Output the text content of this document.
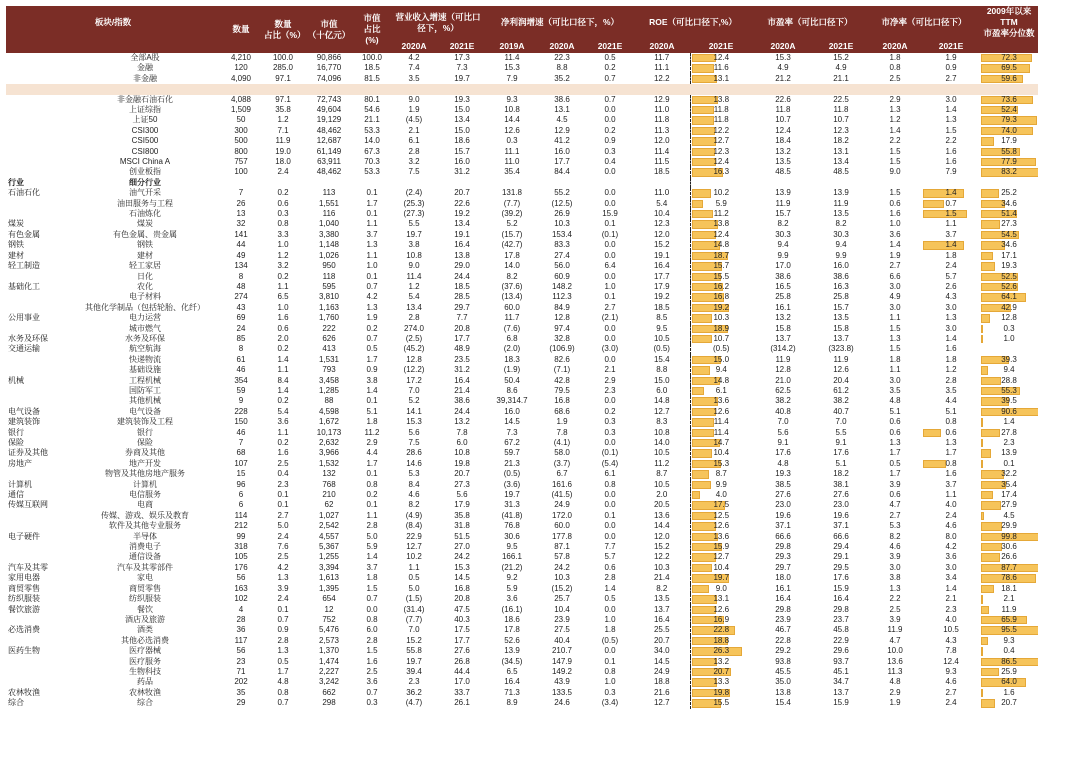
板块/指数		数量	数量
占比（%）	市值
（十亿元）	市值
占比
(%)	营业收入增速（可比口径下，%）		净利润增速（可比口径下，%）			ROE（可比口径下,%）		市盈率（可比口径下）		市净率（可比口径下）		2009年以来TTM
市盈率分位数
						2020A	2021E	2019A	2020A	2021E	2020A	2021E	2020A	2021E	2020A	2021E	
	全部A股	4,210	100.0	90,866	100.0	4.2	17.3	11.4	22.3	0.5	11.7	12.4	15.3	15.2	1.8	1.9	72.3
	金融	120	285.0	16,770	18.5	7.4	7.3	15.3	8.8	0.2	11.1	11.6	4.9	4.9	0.8	0.9	69.5
	非金融	4,090	97.1	74,096	81.5	3.5	19.7	7.9	35.2	0.7	12.2	13.1	21.2	21.1	2.5	2.7	59.6

	非金融石油石化	4,088	97.1	72,743	80.1	9.0	19.3	9.3	38.6	0.7	12.9	13.8	22.6	22.5	2.9	3.0	73.6
	上证综指	1,509	35.8	49,604	54.6	1.9	15.0	10.8	13.1	0.0	11.0	11.8	11.8	11.8	1.3	1.4	52.4
	上证50	50	1.2	19,129	21.1	(4.5)	13.4	14.4	4.5	0.0	11.8	11.8	10.7	10.7	1.2	1.3	79.3
	CSI300	300	7.1	48,462	53.3	2.1	15.0	12.6	12.9	0.2	11.3	12.2	12.4	12.3	1.4	1.5	74.0
	CSI500	500	11.9	12,687	14.0	6.1	18.6	0.3	41.2	0.9	12.0	12.7	18.4	18.2	2.2	2.2	17.9
	CSI800	800	19.0	61,149	67.3	2.8	15.7	11.1	16.0	0.3	11.4	12.3	13.2	13.1	1.5	1.6	55.8
	MSCI China A	757	18.0	63,911	70.3	3.2	16.0	11.0	17.7	0.4	11.5	12.4	13.5	13.4	1.5	1.6	77.9
	创业板指	100	2.4	48,462	53.3	7.5	31.2	35.4	84.4	0.0	18.5	16.3	48.5	48.5	9.0	7.9	83.2
行业	细分行业																
石油石化	油气开采	7	0.2	113	0.1	(2.4)	20.7	131.8	55.2	0.0	11.0	10.2	13.9	13.9	1.5	1.4	25.2
	油田服务与工程	26	0.6	1,551	1.7	(25.3)	22.6	(7.7)	(12.5)	0.0	5.4	5.9	11.9	11.9	0.6	0.7	34.6
	石油炼化	13	0.3	116	0.1	(27.3)	19.2	(39.2)	26.9	15.9	10.4	11.2	15.7	13.5	1.6	1.5	51.4
煤炭	煤炭	32	0.8	1,040	1.1	5.5	13.4	5.2	10.3	0.1	12.3	13.8	8.2	8.2	1.0	1.1	27.3
有色金属	有色金属、贵金属	141	3.3	3,380	3.7	19.7	19.1	(15.7)	153.4	(0.1)	12.0	12.4	30.3	30.3	3.6	3.7	54.5
钢铁	钢铁	44	1.0	1,148	1.3	3.8	16.4	(42.7)	83.3	0.0	15.2	14.8	9.4	9.4	1.4	1.4	34.6
建材	建材	49	1.2	1,026	1.1	10.8	13.8	17.8	27.4	0.0	19.1	18.7	9.9	9.9	1.9	1.8	17.1
轻工制造	轻工家居	134	3.2	950	1.0	9.0	29.0	14.0	56.0	6.4	16.4	15.7	17.0	16.0	2.7	2.4	19.3
	日化	8	0.2	118	0.1	11.4	24.4	8.2	60.9	0.0	17.7	15.5	38.6	38.6	6.6	5.7	52.5
基础化工	农化	48	1.1	595	0.7	1.2	18.5	(37.6)	148.2	1.0	17.9	16.2	16.5	16.3	3.0	2.6	52.6
	电子材料	274	6.5	3,810	4.2	5.4	28.5	(13.4)	112.3	0.1	19.2	16.8	25.8	25.8	4.9	4.3	64.1
	其他化学制品（包括轮胎、化纤）	43	1.0	1,163	1.3	13.4	29.7	60.0	84.9	2.7	18.5	19.2	16.1	15.7	3.0	3.0	42.9
公用事业	电力运营	69	1.6	1,760	1.9	2.8	7.7	11.7	12.8	(2.1)	8.5	10.3	13.2	13.5	1.1	1.3	12.8
	城市燃气	24	0.6	222	0.2	274.0	20.8	(7.6)	97.4	0.0	9.5	18.9	15.8	15.8	1.5	3.0	0.3
水务及环保	水务及环保	85	2.0	626	0.7	(2.5)	17.7	6.8	32.8	0.0	10.5	10.7	13.7	13.7	1.3	1.4	1.0
交通运输	航空航海	8	0.2	413	0.5	(45.2)	48.9	(2.0)	(106.9)	(3.0)	(0.5)	(0.5)	(314.2)	(323.8)	1.5	1.6	
	快递物流	61	1.4	1,531	1.7	12.8	23.5	18.3	82.6	0.0	15.4	15.0	11.9	11.9	1.8	1.8	39.3
	基础设施	46	1.1	793	0.9	(12.2)	31.2	(1.9)	(7.1)	2.1	8.8	9.4	12.8	12.6	1.1	1.2	9.4
机械	工程机械	354	8.4	3,458	3.8	17.2	16.4	50.4	42.8	2.9	15.0	14.8	21.0	20.4	3.0	2.8	28.8
	国防军工	59	1.4	1,285	1.4	7.0	21.4	8.6	79.5	2.3	6.0	6.1	62.5	61.2	3.5	3.5	55.3
	其他机械	9	0.2	88	0.1	5.2	38.6	39,314.7	16.8	0.0	14.8	13.6	38.2	38.2	4.8	4.4	39.5
电气设备	电气设备	228	5.4	4,598	5.1	14.1	24.4	16.0	68.6	0.2	12.7	12.6	40.8	40.7	5.1	5.1	90.6
建筑装饰	建筑装饰及工程	150	3.6	1,672	1.8	15.3	13.2	14.5	1.9	0.3	8.3	11.4	7.0	7.0	0.6	0.8	1.4
银行	银行	46	1.1	10,173	11.2	5.6	7.8	7.3	7.8	0.3	10.8	11.4	5.6	5.5	0.6	0.6	27.8
保险	保险	7	0.2	2,632	2.9	7.5	6.0	67.2	(4.1)	0.0	14.0	14.7	9.1	9.1	1.3	1.3	2.3
证券及其他	券商及其他	68	1.6	3,966	4.4	28.6	10.8	59.7	58.0	(0.1)	10.5	10.4	17.6	17.6	1.7	1.7	13.9
房地产	地产开发	107	2.5	1,532	1.7	14.6	19.8	21.3	(3.7)	(5.4)	11.2	15.3	4.8	5.1	0.5	0.8	0.1
	物管及其他房地产服务	15	0.4	132	0.1	5.3	20.7	(0.5)	6.7	6.1	8.7	8.7	19.3	18.2	1.7	1.6	32.2
计算机	计算机	96	2.3	768	0.8	8.4	27.3	(3.6)	161.6	0.8	10.5	9.9	38.5	38.1	3.9	3.7	35.4
通信	电信服务	6	0.1	210	0.2	4.6	5.6	19.7	(41.5)	0.0	2.0	4.0	27.6	27.6	0.6	1.1	17.4
传媒互联网	电商	6	0.1	62	0.1	8.2	17.9	31.3	24.9	0.0	20.5	17.5	23.0	23.0	4.7	4.0	27.9
	传媒、游戏、娱乐及教育	114	2.7	1,027	1.1	(4.9)	35.8	(41.8)	172.0	0.1	13.6	12.5	19.6	19.6	2.7	2.4	4.5
	软件及其他专业服务	212	5.0	2,542	2.8	(8.4)	31.8	76.8	60.0	0.0	14.4	12.6	37.1	37.1	5.3	4.6	29.9
电子硬件	半导体	99	2.4	4,557	5.0	22.9	51.5	30.6	177.8	0.0	12.0	13.6	66.6	66.6	8.2	8.0	99.8
	消费电子	318	7.6	5,367	5.9	12.7	27.0	9.5	87.1	7.7	15.2	15.9	29.8	29.4	4.6	4.2	30.6
	通信设备	105	2.5	1,255	1.4	10.2	24.2	166.1	57.8	5.7	12.2	12.7	29.3	29.1	3.9	3.6	26.6
汽车及其零	汽车及其零部件	176	4.2	3,394	3.7	1.1	15.3	(21.2)	24.2	0.6	10.3	10.4	29.7	29.5	3.0	3.0	87.7
家用电器	家电	56	1.3	1,613	1.8	0.5	14.5	9.2	10.3	2.8	21.4	19.7	18.0	17.6	3.8	3.4	78.6
商贸零售	商贸零售	163	3.9	1,395	1.5	5.0	16.8	5.9	(15.2)	1.4	8.2	9.0	16.1	15.9	1.3	1.4	18.1
纺织服装	纺织服装	102	2.4	654	0.7	(1.5)	20.8	3.6	25.7	0.5	13.5	13.1	16.4	16.4	2.2	2.1	2.1
餐饮旅游	餐饮	4	0.1	12	0.0	(31.4)	47.5	(16.1)	10.4	0.0	13.7	12.6	29.8	29.8	2.5	2.3	11.9
	酒店及旅游	28	0.7	752	0.8	(7.7)	40.3	18.6	23.9	1.0	16.4	16.9	23.9	23.7	3.9	4.0	65.9
必选消费	酒类	36	0.9	5,476	6.0	7.0	17.5	17.8	27.5	1.8	25.5	22.8	46.7	45.8	11.9	10.5	95.5
	其他必选消费	117	2.8	2,573	2.8	15.2	17.7	52.6	40.4	(0.5)	20.7	18.8	22.8	22.9	4.7	4.3	9.3
医药生物	医疗器械	56	1.3	1,370	1.5	55.8	27.6	13.9	210.7	0.0	34.0	26.3	29.2	29.6	10.0	7.8	0.4
	医疗服务	23	0.5	1,474	1.6	19.7	26.8	(34.5)	147.9	0.1	14.5	13.2	93.8	93.7	13.6	12.4	86.5
	生物科技	71	1.7	2,227	2.5	39.4	44.4	6.5	149.2	0.8	24.9	20.7	45.5	45.1	11.3	9.3	25.9
	药品	202	4.8	3,242	3.6	2.3	17.0	16.4	43.9	1.0	18.8	13.3	35.0	34.7	4.8	4.6	64.0
农林牧渔	农林牧渔	35	0.8	662	0.7	36.2	33.7	71.3	133.5	0.3	21.6	19.8	13.8	13.7	2.9	2.7	1.6
综合	综合	29	0.7	298	0.3	(4.7)	26.1	8.9	24.6	(3.4)	12.7	15.5	15.4	15.9	1.9	2.4	20.7
